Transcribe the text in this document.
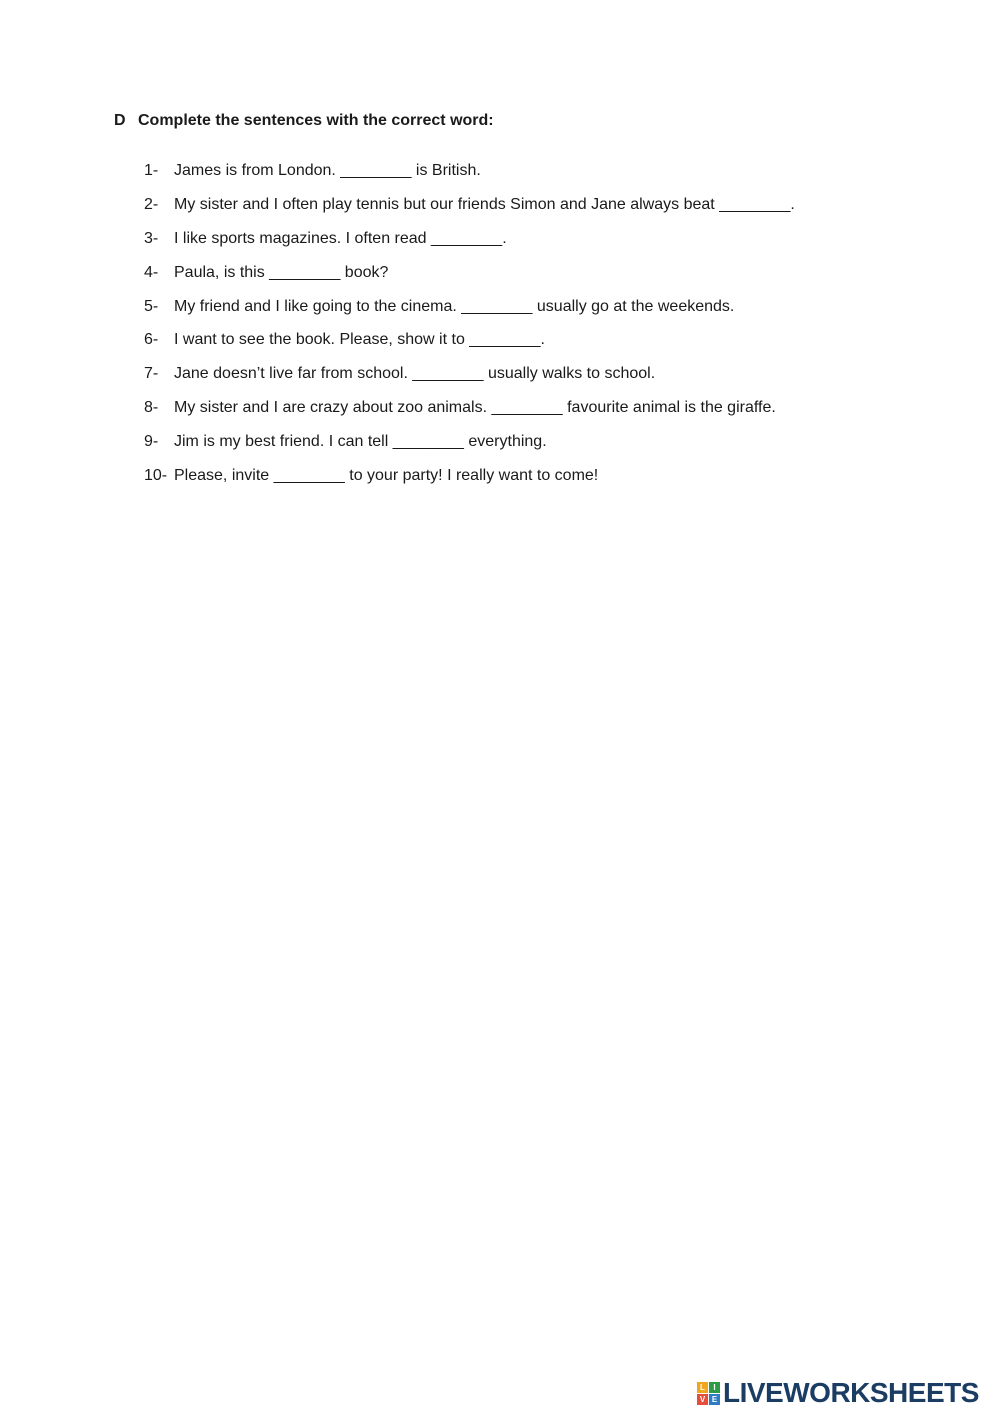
D Complete the sentences with the correct word:
1- James is from London. ________ is British.
2- My sister and I often play tennis but our friends Simon and Jane always beat ________.
3- I like sports magazines. I often read ________.
4- Paula, is this ________ book?
5- My friend and I like going to the cinema. ________ usually go at the weekends.
6- I want to see the book. Please, show it to ________.
7- Jane doesn’t live far from school. ________ usually walks to school.
8- My sister and I are crazy about zoo animals. ________ favourite animal is the giraffe.
9- Jim is my best friend. I can tell ________ everything.
10- Please, invite ________ to your party! I really want to come!
L	I
V E LIVEWORKSHEETS
